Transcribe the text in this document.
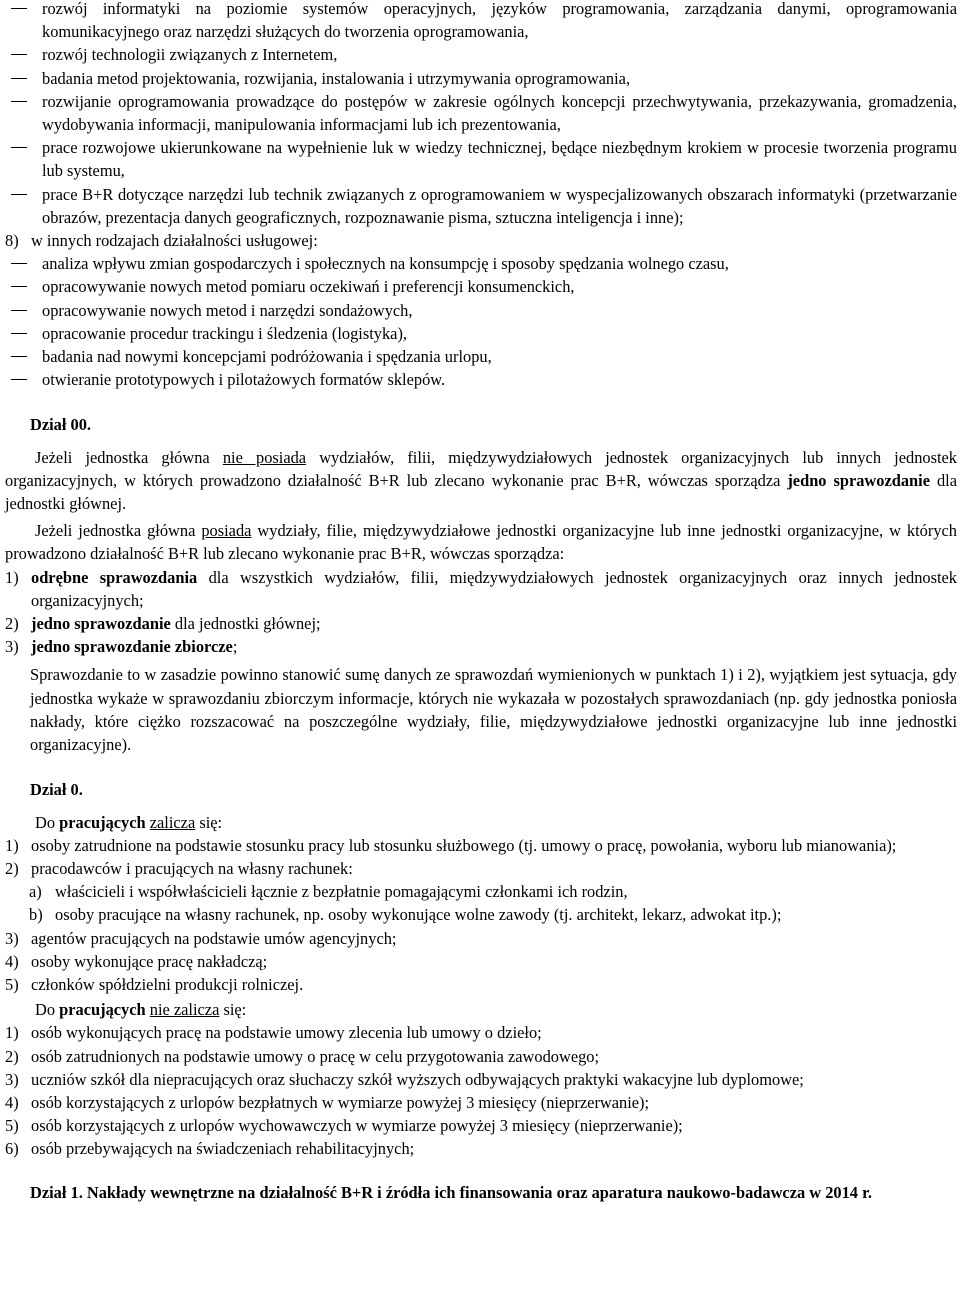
rozwój informatyki na poziomie systemów operacyjnych, języków programowania, zarządzania danymi, oprogramowania komunikacyjnego oraz narzędzi służących do tworzenia oprogramowania,

rozwój technologii związanych z Internetem,

badania metod projektowania, rozwijania, instalowania i utrzymywania oprogramowania,

rozwijanie oprogramowania prowadzące do postępów w zakresie ogólnych koncepcji przechwytywania, przekazywania, gromadzenia, wydobywania informacji, manipulowania informacjami lub ich prezentowania,

prace rozwojowe ukierunkowane na wypełnienie luk w wiedzy technicznej, będące niezbędnym krokiem w procesie tworzenia programu lub systemu,

prace B+R dotyczące narzędzi lub technik związanych z oprogramowaniem w wyspecjalizowanych obszarach informatyki (przetwarzanie obrazów, prezentacja danych geograficznych, rozpoznawanie pisma, sztuczna inteligencja i inne);

8) w innych rodzajach działalności usługowej:

analiza wpływu zmian gospodarczych i społecznych na konsumpcję i sposoby spędzania wolnego czasu,

opracowywanie nowych metod pomiaru oczekiwań i preferencji konsumenckich,

opracowywanie nowych metod i narzędzi sondażowych,

opracowanie procedur trackingu i śledzenia (logistyka),

badania nad nowymi koncepcjami podróżowania i spędzania urlopu,

otwieranie prototypowych i pilotażowych formatów sklepów.

Dział 00.

Jeżeli jednostka główna nie posiada wydziałów, filii, międzywydziałowych jednostek organizacyjnych lub innych jednostek organizacyjnych, w których prowadzono działalność B+R lub zlecano wykonanie prac B+R, wówczas sporządza jedno sprawozdanie dla jednostki głównej.

Jeżeli jednostka główna posiada wydziały, filie, międzywydziałowe jednostki organizacyjne lub inne jednostki organizacyjne, w których prowadzono działalność B+R lub zlecano wykonanie prac B+R, wówczas sporządza:

1) odrębne sprawozdania dla wszystkich wydziałów, filii, międzywydziałowych jednostek organizacyjnych oraz innych jednostek organizacyjnych;

2) jedno sprawozdanie dla jednostki głównej;

3) jedno sprawozdanie zbiorcze;

Sprawozdanie to w zasadzie powinno stanowić sumę danych ze sprawozdań wymienionych w punktach 1) i 2), wyjątkiem jest sytuacja, gdy jednostka wykaże w sprawozdaniu zbiorczym informacje, których nie wykazała w pozostałych sprawozdaniach (np. gdy jednostka poniosła nakłady, które ciężko rozszacować na poszczególne wydziały, filie, międzywydziałowe jednostki organizacyjne lub inne jednostki organizacyjne).

Dział 0.

Do pracujących zalicza się:

1) osoby zatrudnione na podstawie stosunku pracy lub stosunku służbowego (tj. umowy o pracę, powołania, wyboru lub mianowania);

2) pracodawców i pracujących na własny rachunek:

a) właścicieli i współwłaścicieli łącznie z bezpłatnie pomagającymi członkami ich rodzin,

b) osoby pracujące na własny rachunek, np. osoby wykonujące wolne zawody (tj. architekt, lekarz, adwokat itp.);

3) agentów pracujących na podstawie umów agencyjnych;

4) osoby wykonujące pracę nakładczą;

5) członków spółdzielni produkcji rolniczej.

Do pracujących nie zalicza się:

1) osób wykonujących pracę na podstawie umowy zlecenia lub umowy o dzieło;

2) osób zatrudnionych na podstawie umowy o pracę w celu przygotowania zawodowego;

3) uczniów szkół dla niepracujących oraz słuchaczy szkół wyższych odbywających praktyki wakacyjne lub dyplomowe;

4) osób korzystających z urlopów bezpłatnych w wymiarze powyżej 3 miesięcy (nieprzerwanie);

5) osób korzystających z urlopów wychowawczych w wymiarze powyżej 3 miesięcy (nieprzerwanie);

6) osób przebywających na świadczeniach rehabilitacyjnych;

Dział 1. Nakłady wewnętrzne na działalność B+R i źródła ich finansowania oraz aparatura naukowo-badawcza w 2014 r.
